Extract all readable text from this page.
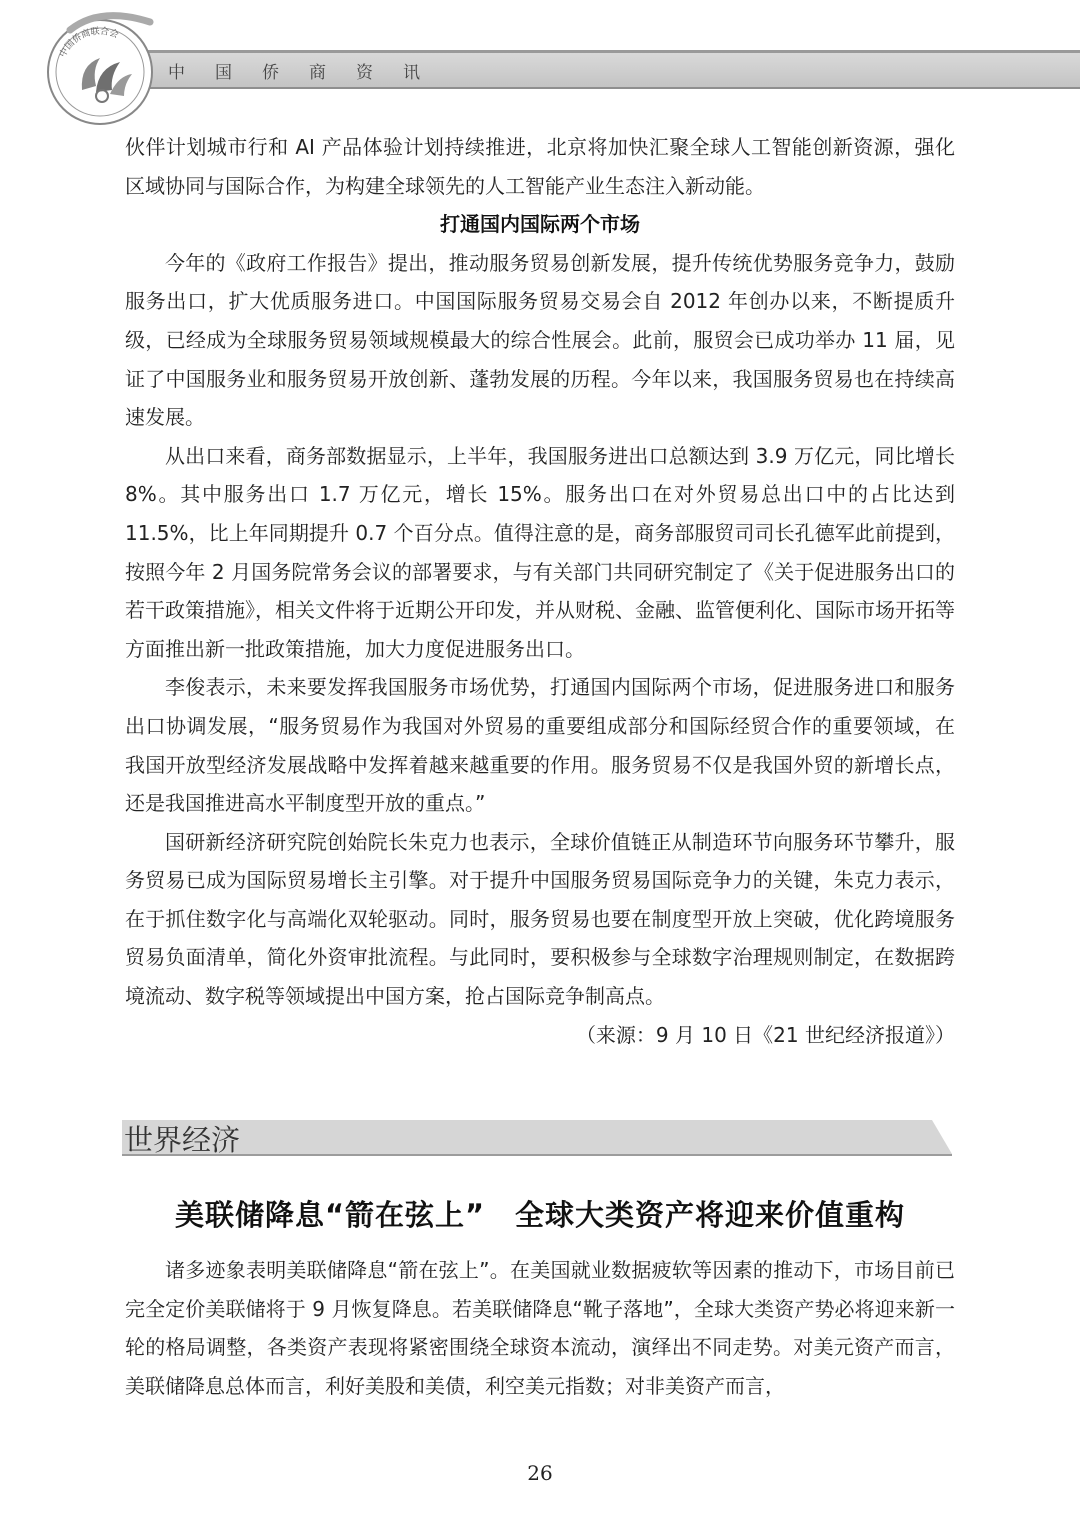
中国侨商资讯
中国侨商联合会

伙伴计划城市行和 AI 产品体验计划持续推进，北京将加快汇聚全球人工智能创新资源，强化区域协同与国际合作，为构建全球领先的人工智能产业生态注入新动能。

打通国内国际两个市场

今年的《政府工作报告》提出，推动服务贸易创新发展，提升传统优势服务竞争力，鼓励服务出口，扩大优质服务进口。中国国际服务贸易交易会自 2012 年创办以来，不断提质升级，已经成为全球服务贸易领域规模最大的综合性展会。此前，服贸会已成功举办 11 届，见证了中国服务业和服务贸易开放创新、蓬勃发展的历程。今年以来，我国服务贸易也在持续高速发展。

从出口来看，商务部数据显示，上半年，我国服务进出口总额达到 3.9 万亿元，同比增长 8%。其中服务出口 1.7 万亿元，增长 15%。服务出口在对外贸易总出口中的占比达到 11.5%，比上年同期提升 0.7 个百分点。值得注意的是，商务部服贸司司长孔德军此前提到，按照今年 2 月国务院常务会议的部署要求，与有关部门共同研究制定了《关于促进服务出口的若干政策措施》，相关文件将于近期公开印发，并从财税、金融、监管便利化、国际市场开拓等方面推出新一批政策措施，加大力度促进服务出口。

李俊表示，未来要发挥我国服务市场优势，打通国内国际两个市场，促进服务进口和服务出口协调发展，“服务贸易作为我国对外贸易的重要组成部分和国际经贸合作的重要领域，在我国开放型经济发展战略中发挥着越来越重要的作用。服务贸易不仅是我国外贸的新增长点，还是我国推进高水平制度型开放的重点。”

国研新经济研究院创始院长朱克力也表示，全球价值链正从制造环节向服务环节攀升，服务贸易已成为国际贸易增长主引擎。对于提升中国服务贸易国际竞争力的关键，朱克力表示，在于抓住数字化与高端化双轮驱动。同时，服务贸易也要在制度型开放上突破，优化跨境服务贸易负面清单，简化外资审批流程。与此同时，要积极参与全球数字治理规则制定，在数据跨境流动、数字税等领域提出中国方案，抢占国际竞争制高点。

（来源：9 月 10 日《21 世纪经济报道》）

世界经济
美联储降息“箭在弦上”　全球大类资产将迎来价值重构

诸多迹象表明美联储降息“箭在弦上”。在美国就业数据疲软等因素的推动下，市场目前已完全定价美联储将于 9 月恢复降息。若美联储降息“靴子落地”，全球大类资产势必将迎来新一轮的格局调整，各类资产表现将紧密围绕全球资本流动，演绎出不同走势。对美元资产而言，美联储降息总体而言，利好美股和美债，利空美元指数；对非美资产而言，

26
